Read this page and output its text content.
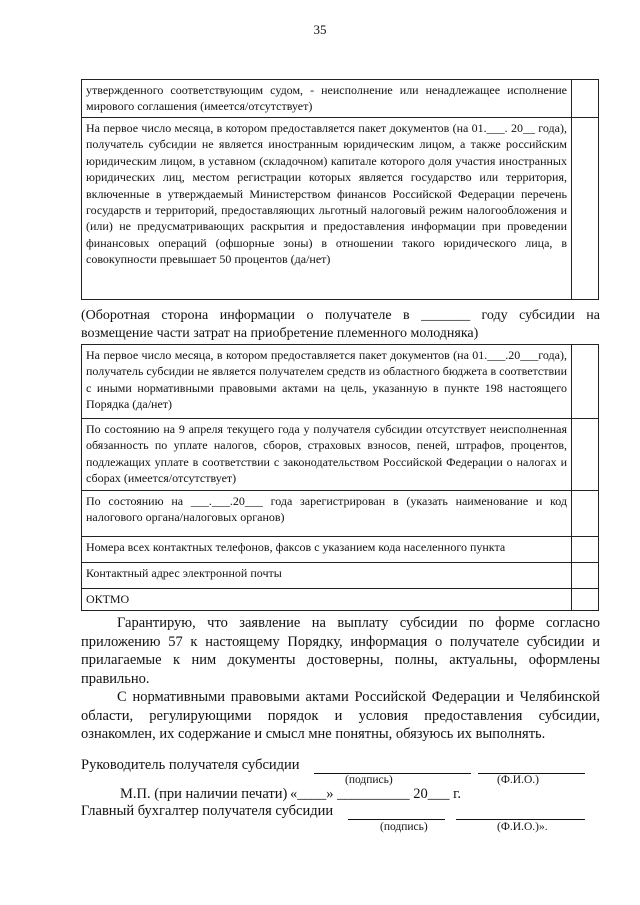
35
утвержденного соответствующим судом, - неисполнение или ненадлежащее исполнение мирового соглашения (имеется/отсутствует)	
На первое число месяца, в котором предоставляется пакет документов (на 01.___. 20__ года), получатель субсидии не является иностранным юридическим лицом, а также российским юридическим лицом, в уставном (складочном) капитале которого доля участия иностранных юридических лиц, местом регистрации которых является государство или территория, включенные в утверждаемый Министерством финансов Российской Федерации перечень государств и территорий, предоставляющих льготный налоговый режим налогообложения и (или) не предусматривающих раскрытия и предоставления информации при проведении финансовых операций (офшорные зоны) в отношении такого юридического лица, в совокупности превышает 50 процентов (да/нет)	
(Оборотная сторона информации о получателе в _______ году субсидии на возмещение части затрат на приобретение племенного молодняка)
На первое число месяца, в котором предоставляется пакет документов (на 01.___.20___года), получатель субсидии не является получателем средств из областного бюджета в соответствии с иными нормативными правовыми актами на цель, указанную в пункте 198 настоящего Порядка (да/нет)	
По состоянию на 9 апреля текущего года у получателя субсидии отсутствует неисполненная обязанность по уплате налогов, сборов, страховых взносов, пеней, штрафов, процентов, подлежащих уплате в соответствии с законодательством Российской Федерации о налогах и сборах (имеется/отсутствует)	
По состоянию на ___.___.20___ года зарегистрирован в (указать наименование и код налогового органа/налоговых органов)	
Номера всех контактных телефонов, факсов с указанием кода населенного пункта	
Контактный адрес электронной почты	
ОКТМО	
Гарантирую, что заявление на выплату субсидии по форме согласно приложению 57 к настоящему Порядку, информация о получателе субсидии и прилагаемые к ним документы достоверны, полны, актуальны, оформлены правильно.
С нормативными правовыми актами Российской Федерации и Челябинской области, регулирующими порядок и условия предоставления субсидии, ознакомлен, их содержание и смысл мне понятны, обязуюсь их выполнять.
Руководитель получателя субсидии
(подпись)	(Ф.И.О.)
М.П. (при наличии печати) «____» __________ 20___ г.
Главный бухгалтер получателя субсидии
(подпись)	(Ф.И.О.)».
